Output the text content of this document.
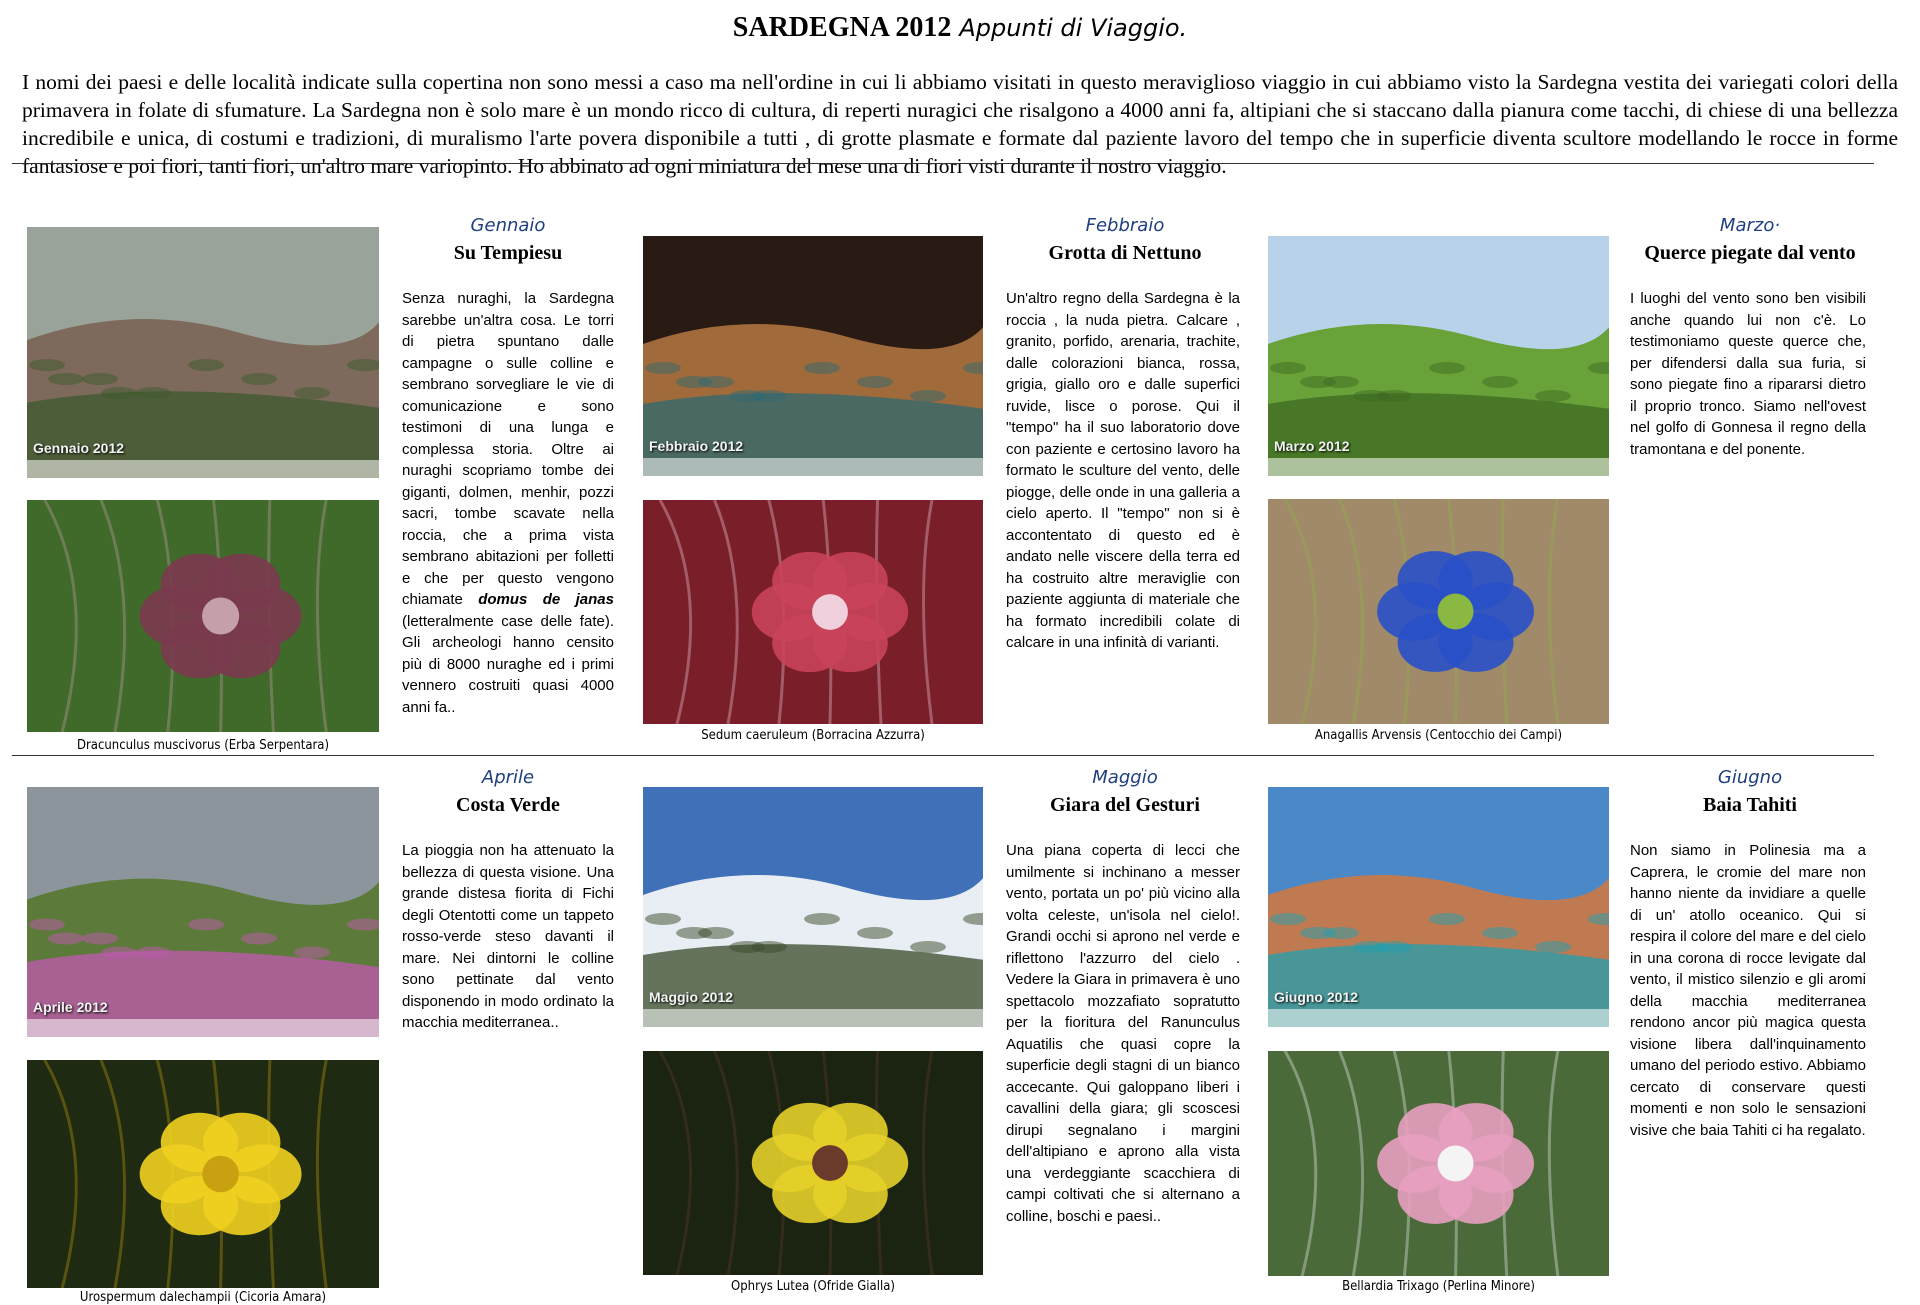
SARDEGNA 2012 Appunti di Viaggio.
I nomi dei paesi e delle località indicate sulla copertina non sono messi a caso ma nell'ordine in cui li abbiamo visitati in questo meraviglioso viaggio in cui abbiamo visto la Sardegna vestita dei variegati colori della primavera in folate di sfumature. La Sardegna non è solo mare è un mondo ricco di cultura, di reperti nuragici che risalgono a 4000 anni fa, altipiani che si staccano dalla pianura come tacchi, di chiese di una bellezza incredibile e unica, di costumi e tradizioni, di muralismo l'arte povera disponibile a tutti , di grotte plasmate e formate dal paziente lavoro del tempo che in superficie diventa scultore modellando le rocce in forme fantasiose e poi fiori, tanti fiori, un'altro mare variopinto. Ho abbinato ad ogni miniatura del mese una di fiori visti durante il nostro viaggio.
Gennaio 2012
Dracunculus muscivorus (Erba Serpentara)
Gennaio
Su Tempiesu
Senza nuraghi, la Sardegna sarebbe un'altra cosa. Le torri di pietra spuntano dalle campagne o sulle colline e sembrano sorvegliare le vie di comunicazione e sono testimoni di una lunga e complessa storia. Oltre ai nuraghi scopriamo tombe dei giganti, dolmen, menhir, pozzi sacri, tombe scavate nella roccia, che a prima vista sembrano abitazioni per folletti e che per questo vengono chiamate domus de janas (letteralmente case delle fate). Gli archeologi hanno censito più di 8000 nuraghe ed i primi vennero costruiti quasi 4000 anni fa..
Febbraio 2012
Sedum caeruleum (Borracina Azzurra)
Febbraio
Grotta di Nettuno
Un'altro regno della Sardegna è la roccia , la nuda pietra. Calcare , granito, porfido, arenaria, trachite, dalle colorazioni bianca, rossa, grigia, giallo oro e dalle superfici ruvide, lisce o porose. Qui il "tempo" ha il suo laboratorio dove con paziente e certosino lavoro ha formato le sculture del vento, delle piogge, delle onde in una galleria a cielo aperto. Il "tempo" non si è accontentato di questo ed è andato nelle viscere della terra ed ha costruito altre meraviglie con paziente aggiunta di materiale che ha formato incredibili colate di calcare in una infinità di varianti.
Marzo 2012
Anagallis Arvensis (Centocchio dei Campi)
Marzo·
Querce piegate dal vento
I luoghi del vento sono ben visibili anche quando lui non c'è. Lo testimoniamo queste querce che, per difendersi dalla sua furia, si sono piegate fino a ripararsi dietro il proprio tronco. Siamo nell'ovest nel golfo di Gonnesa il regno della tramontana e del ponente.
Aprile 2012
Urospermum dalechampii (Cicoria Amara)
Aprile
Costa Verde
La pioggia non ha attenuato la bellezza di questa visione. Una grande distesa fiorita di Fichi degli Otentotti come un tappeto rosso-verde steso davanti il mare. Nei dintorni le colline sono pettinate dal vento disponendo in modo ordinato la macchia mediterranea..
Maggio 2012
Ophrys Lutea (Ofride Gialla)
Maggio
Giara del Gesturi
Una piana coperta di lecci che umilmente si inchinano a messer vento, portata un po' più vicino alla volta celeste, un'isola nel cielo!. Grandi occhi si aprono nel verde e riflettono l'azzurro del cielo . Vedere la Giara in primavera è uno spettacolo mozzafiato sopratutto per la fioritura del Ranunculus Aquatilis che quasi copre la superficie degli stagni di un bianco accecante. Qui galoppano liberi i cavallini della giara; gli scoscesi dirupi segnalano i margini dell'altipiano e aprono alla vista una verdeggiante scacchiera di campi coltivati che si alternano a colline, boschi e paesi..
Giugno 2012
Bellardia Trixago (Perlina Minore)
Giugno
Baia Tahiti
Non siamo in Polinesia ma a Caprera, le cromie del mare non hanno niente da invidiare a quelle di un' atollo oceanico. Qui si respira il colore del mare e del cielo in una corona di rocce levigate dal vento, il mistico silenzio e gli aromi della macchia mediterranea rendono ancor più magica questa visione libera dall'inquinamento umano del periodo estivo. Abbiamo cercato di conservare questi momenti e non solo le sensazioni visive che baia Tahiti ci ha regalato.
